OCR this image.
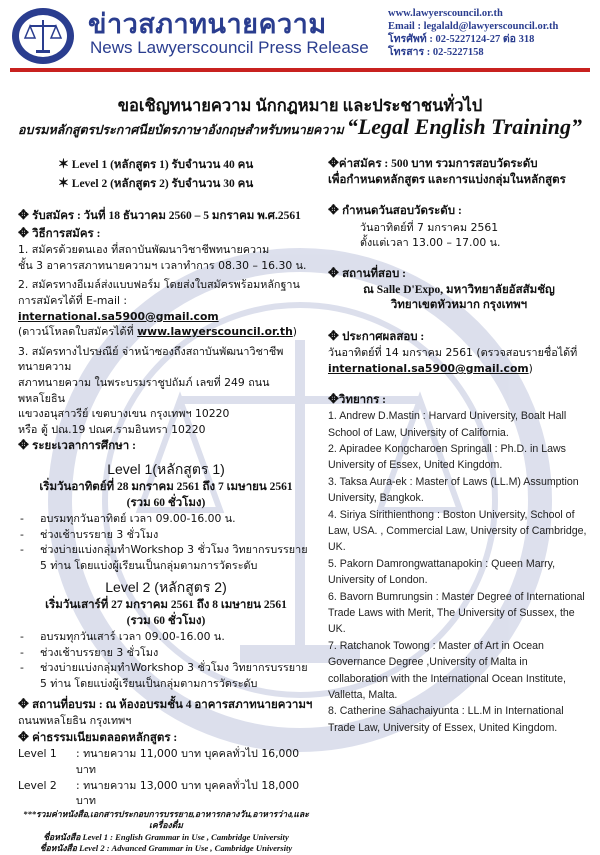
ข่าวสภาทนายความ
News Lawyerscouncil Press Release
www.lawyerscouncil.or.th
Email : legalald@lawyerscouncil.or.th
โทรศัพท์ : 02-5227124-27 ต่อ 318
โทรสาร : 02-5227158
ขอเชิญทนายความ นักกฎหมาย และประชาชนทั่วไป
อบรมหลักสูตรประกาศนียบัตรภาษาอังกฤษสำหรับทนายความ “Legal English Training”
✶ Level 1 (หลักสูตร 1) รับจำนวน 40 คน
✶ Level 2 (หลักสูตร 2) รับจำนวน 30 คน
✥ รับสมัคร : วันที่ 18 ธันวาคม 2560 – 5 มกราคม พ.ศ.2561
✥ วิธีการสมัคร :
1. สมัครด้วยตนเอง ที่สถาบันพัฒนาวิชาชีพทนายความ
ชั้น 3 อาคารสภาทนายความฯ เวลาทำการ 08.30 – 16.30 น.
2. สมัครทางอีเมล์ส่งแบบฟอร์ม โดยส่งใบสมัครพร้อมหลักฐาน
การสมัครได้ที่ E-mail : international.sa5900@gmail.com
(ดาวน์โหลดใบสมัครได้ที่ www.lawyerscouncil.or.th)
3. สมัครทางไปรษณีย์ จ่าหน้าซองถึงสถาบันพัฒนาวิชาชีพทนายความ
สภาทนายความ ในพระบรมราชูปถัมภ์ เลขที่ 249 ถนนพหลโยธิน
แขวงอนุสาวรีย์ เขตบางเขน กรุงเทพฯ 10220
หรือ ตู้ ปณ.19 ปณศ.รามอินทรา 10220
✥ ระยะเวลาการศึกษา :
Level 1(หลักสูตร 1)
เริ่มวันอาทิตย์ที่ 28 มกราคม 2561 ถึง 7 เมษายน 2561
(รวม 60 ชั่วโมง)
-	อบรมทุกวันอาทิตย์ เวลา 09.00-16.00 น.
-	ช่วงเช้าบรรยาย 3 ชั่วโมง
-	ช่วงบ่ายแบ่งกลุ่มทำWorkshop 3 ชั่วโมง วิทยากรบรรยาย 5 ท่าน โดยแบ่งผู้เรียนเป็นกลุ่มตามการวัดระดับ
Level 2 (หลักสูตร 2)
เริ่มวันเสาร์ที่ 27 มกราคม 2561 ถึง 8 เมษายน 2561
(รวม 60 ชั่วโมง)
-	อบรมทุกวันเสาร์ เวลา 09.00-16.00 น.
-	ช่วงเช้าบรรยาย 3 ชั่วโมง
-	ช่วงบ่ายแบ่งกลุ่มทำWorkshop 3 ชั่วโมง วิทยากรบรรยาย 5 ท่าน โดยแบ่งผู้เรียนเป็นกลุ่มตามการวัดระดับ
✥ สถานที่อบรม : ณ ห้องอบรมชั้น 4 อาคารสภาทนายความฯ
ถนนพหลโยธิน กรุงเทพฯ
✥ ค่าธรรมเนียมตลอดหลักสูตร :
Level 1	: ทนายความ 11,000 บาท บุคคลทั่วไป 16,000 บาท
Level 2	: ทนายความ 13,000 บาท บุคคลทั่วไป 18,000 บาท
***รวมค่าหนังสือ,เอกสารประกอบการบรรยาย,อาหารกลางวัน,อาหารว่าง,และเครื่องดื่ม
ชื่อหนังสือ Level 1 : English Grammar in Use , Cambridge University
ชื่อหนังสือ Level 2 : Advanced Grammar in Use , Cambridge University
✥ค่าสมัคร : 500 บาท รวมการสอบวัดระดับ
เพื่อกำหนดหลักสูตร และการแบ่งกลุ่มในหลักสูตร
✥ กำหนดวันสอบวัดระดับ :
วันอาทิตย์ที่ 7 มกราคม 2561
ตั้งแต่เวลา 13.00 – 17.00 น.
✥ สถานที่สอบ :
ณ Salle D'Expo, มหาวิทยาลัยอัสสัมชัญ
วิทยาเขตหัวหมาก กรุงเทพฯ
✥ ประกาศผลสอบ :
วันอาทิตย์ที่ 14 มกราคม 2561 (ตรวจสอบรายชื่อได้ที่
international.sa5900@gmail.com)
✥วิทยากร :
1. Andrew D.Mastin : Harvard University, Boalt Hall School of Law, University of California.
2. Apiradee Kongcharoen Springall : Ph.D. in Laws University of Essex, United Kingdom.
3. Taksa Aura-ek : Master of Laws (LL.M) Assumption University, Bangkok.
4. Siriya Sirithienthong : Boston University, School of Law, USA. , Commercial Law, University of Cambridge, UK.
5. Pakorn Damrongwattanapokin : Queen Marry, University of London.
6. Bavorn Bumrungsin : Master Degree of International Trade Laws with Merit, The University of Sussex, the UK.
7. Ratchanok Towong : Master of Art in Ocean Governance Degree ,University of Malta in collaboration with the International Ocean Institute, Valletta, Malta.
8. Catherine Sahachaiyunta : LL.M in International Trade Law, University of Essex, United Kingdom.
